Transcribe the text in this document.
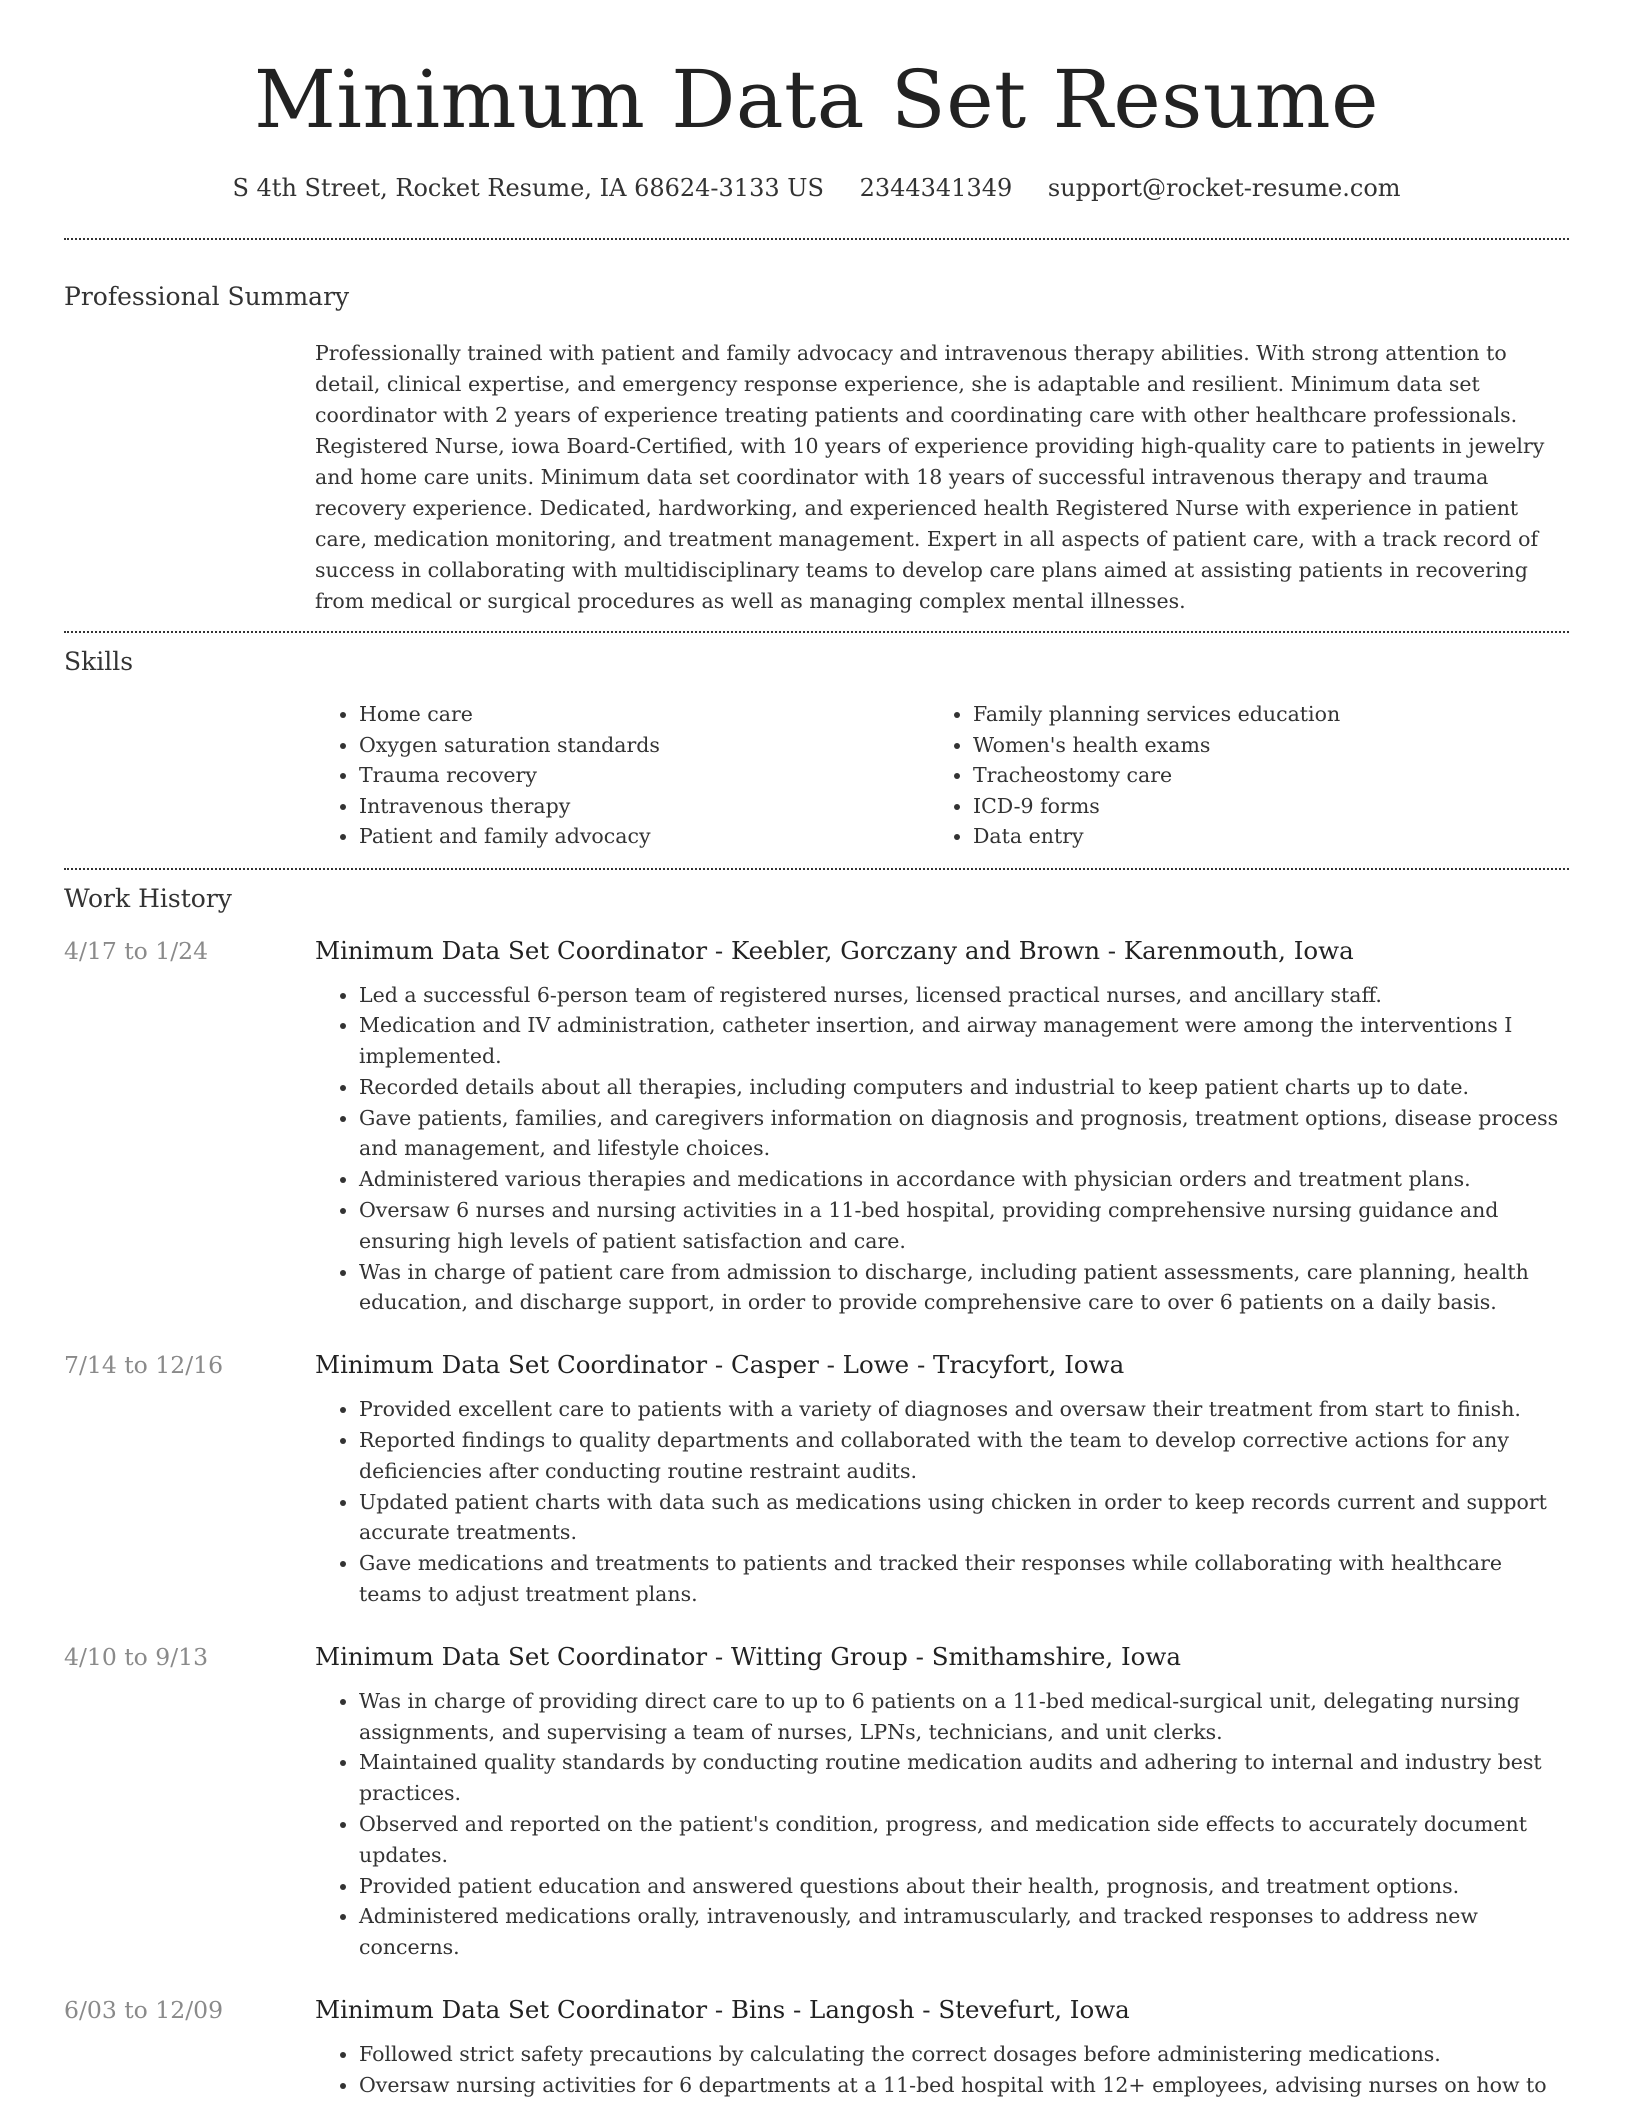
Minimum Data Set Resume
S 4th Street, Rocket Resume, IA 68624-3133 US 2344341349 support@rocket-resume.com
Professional Summary

Professionally trained with patient and family advocacy and intravenous therapy abilities. With strong attention to detail, clinical expertise, and emergency response experience, she is adaptable and resilient. Minimum data set coordinator with 2 years of experience treating patients and coordinating care with other healthcare professionals. Registered Nurse, iowa Board-Certified, with 10 years of experience providing high-quality care to patients in jewelry and home care units. Minimum data set coordinator with 18 years of successful intravenous therapy and trauma recovery experience. Dedicated, hardworking, and experienced health Registered Nurse with experience in patient care, medication monitoring, and treatment management. Expert in all aspects of patient care, with a track record of success in collaborating with multidisciplinary teams to develop care plans aimed at assisting patients in recovering from medical or surgical procedures as well as managing complex mental illnesses.

Skills
• Home care
• Oxygen saturation standards
• Trauma recovery
• Intravenous therapy
• Patient and family advocacy
• Family planning services education
• Women's health exams
• Tracheostomy care
• ICD-9 forms
• Data entry
Work History
4/17 to 1/24	Minimum Data Set Coordinator - Keebler, Gorczany and Brown - Karenmouth, Iowa
• Led a successful 6-person team of registered nurses, licensed practical nurses, and ancillary staff.
• Medication and IV administration, catheter insertion, and airway management were among the interventions I implemented.
• Recorded details about all therapies, including computers and industrial to keep patient charts up to date.
• Gave patients, families, and caregivers information on diagnosis and prognosis, treatment options, disease process and management, and lifestyle choices.
• Administered various therapies and medications in accordance with physician orders and treatment plans.
• Oversaw 6 nurses and nursing activities in a 11-bed hospital, providing comprehensive nursing guidance and ensuring high levels of patient satisfaction and care.
• Was in charge of patient care from admission to discharge, including patient assessments, care planning, health education, and discharge support, in order to provide comprehensive care to over 6 patients on a daily basis.
7/14 to 12/16	Minimum Data Set Coordinator - Casper - Lowe - Tracyfort, Iowa
• Provided excellent care to patients with a variety of diagnoses and oversaw their treatment from start to finish.
• Reported findings to quality departments and collaborated with the team to develop corrective actions for any deficiencies after conducting routine restraint audits.
• Updated patient charts with data such as medications using chicken in order to keep records current and support accurate treatments.
• Gave medications and treatments to patients and tracked their responses while collaborating with healthcare teams to adjust treatment plans.
4/10 to 9/13	Minimum Data Set Coordinator - Witting Group - Smithamshire, Iowa
• Was in charge of providing direct care to up to 6 patients on a 11-bed medical-surgical unit, delegating nursing assignments, and supervising a team of nurses, LPNs, technicians, and unit clerks.
• Maintained quality standards by conducting routine medication audits and adhering to internal and industry best practices.
• Observed and reported on the patient's condition, progress, and medication side effects to accurately document updates.
• Provided patient education and answered questions about their health, prognosis, and treatment options.
• Administered medications orally, intravenously, and intramuscularly, and tracked responses to address new concerns.
6/03 to 12/09	Minimum Data Set Coordinator - Bins - Langosh - Stevefurt, Iowa
• Followed strict safety precautions by calculating the correct dosages before administering medications.
• Oversaw nursing activities for 6 departments at a 11-bed hospital with 12+ employees, advising nurses on how to
